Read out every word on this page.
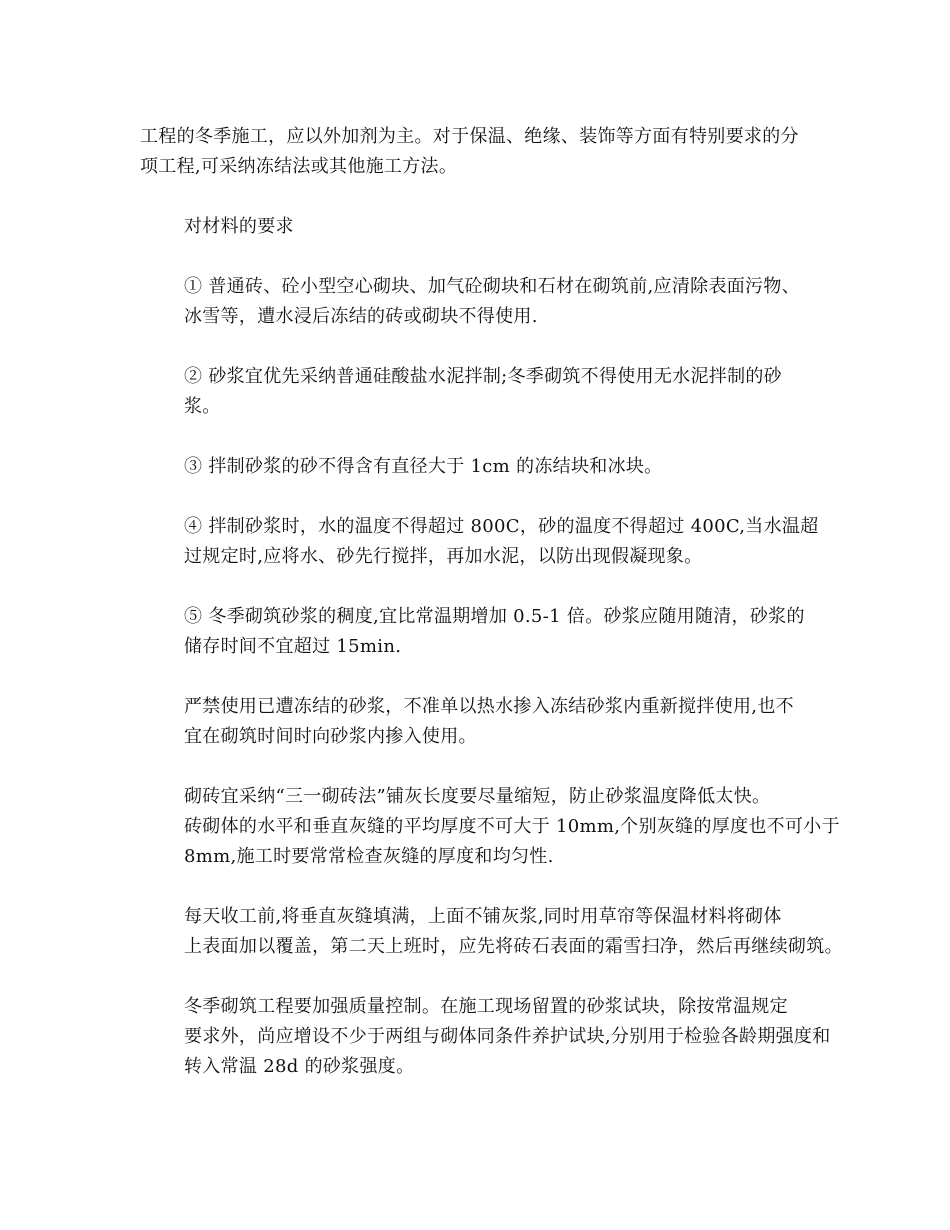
工程的冬季施工，应以外加剂为主。对于保温、绝缘、装饰等方面有特别要求的分
项工程,可采纳冻结法或其他施工方法。

对材料的要求

① 普通砖、砼小型空心砌块、加气砼砌块和石材在砌筑前,应清除表面污物、
冰雪等，遭水浸后冻结的砖或砌块不得使用.

② 砂浆宜优先采纳普通硅酸盐水泥拌制;冬季砌筑不得使用无水泥拌制的砂
浆。

③ 拌制砂浆的砂不得含有直径大于 1cm 的冻结块和冰块。

④ 拌制砂浆时，水的温度不得超过 800C，砂的温度不得超过 400C,当水温超
过规定时,应将水、砂先行搅拌，再加水泥，以防出现假凝现象。

⑤ 冬季砌筑砂浆的稠度,宜比常温期增加 0.5-1 倍。砂浆应随用随清，砂浆的
储存时间不宜超过 15min.

严禁使用已遭冻结的砂浆，不准单以热水掺入冻结砂浆内重新搅拌使用,也不
宜在砌筑时间时向砂浆内掺入使用。

砌砖宜采纳“三一砌砖法”铺灰长度要尽量缩短，防止砂浆温度降低太快。
砖砌体的水平和垂直灰缝的平均厚度不可大于 10mm,个别灰缝的厚度也不可小于
8mm,施工时要常常检查灰缝的厚度和均匀性.

每天收工前,将垂直灰缝填满，上面不铺灰浆,同时用草帘等保温材料将砌体
上表面加以覆盖，第二天上班时，应先将砖石表面的霜雪扫净，然后再继续砌筑。

冬季砌筑工程要加强质量控制。在施工现场留置的砂浆试块，除按常温规定
要求外，尚应增设不少于两组与砌体同条件养护试块,分别用于检验各龄期强度和
转入常温 28d 的砂浆强度。
